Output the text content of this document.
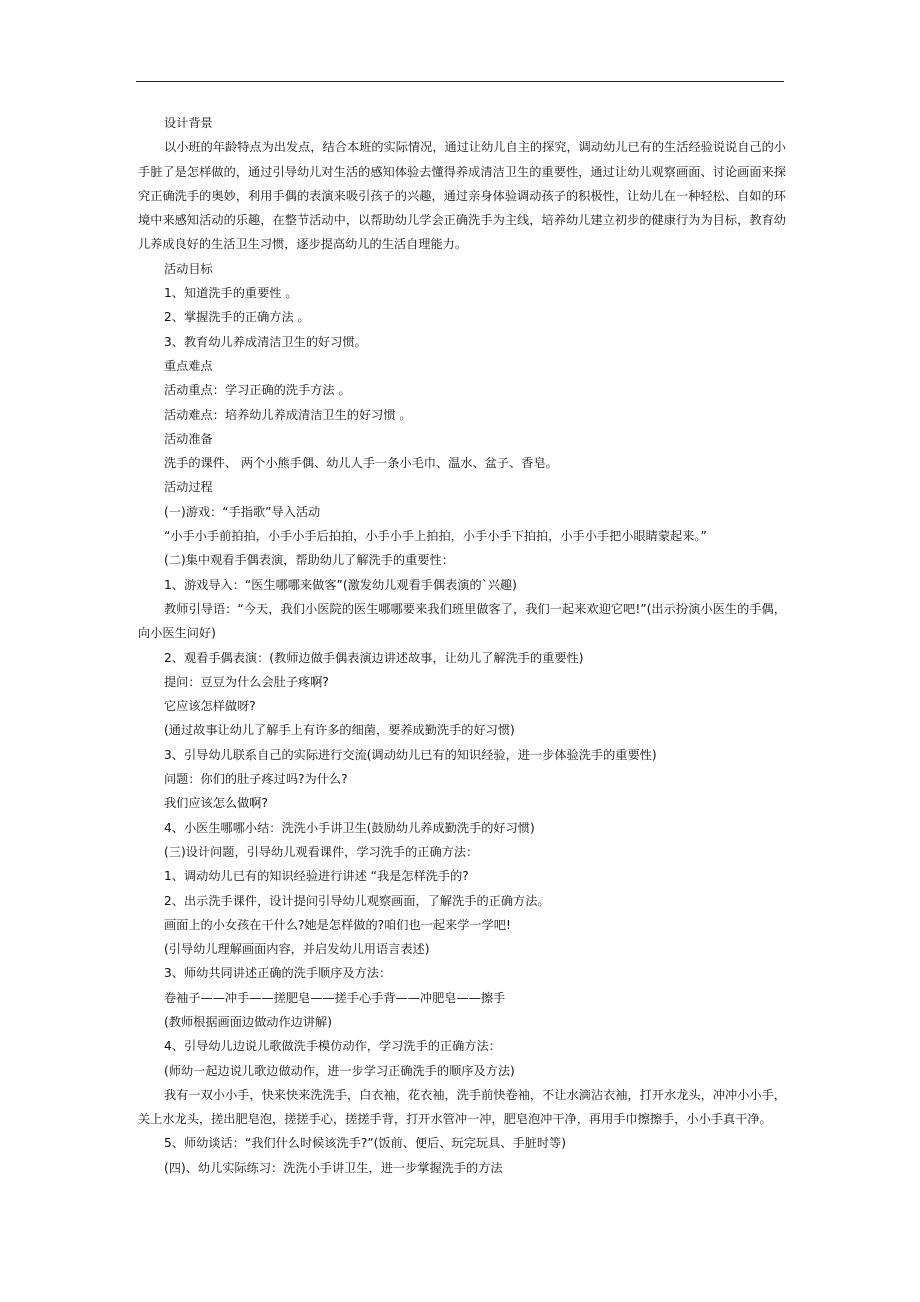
设计背景
以小班的年龄特点为出发点，结合本班的实际情况，通过让幼儿自主的探究，调动幼儿已有的生活经验说说自己的小手脏了是怎样做的，通过引导幼儿对生活的感知体验去懂得养成清洁卫生的重要性，通过让幼儿观察画面、讨论画面来探究正确洗手的奥妙，利用手偶的表演来吸引孩子的兴趣，通过亲身体验调动孩子的积极性，让幼儿在一种轻松、自如的环境中来感知活动的乐趣，在整节活动中，以帮助幼儿学会正确洗手为主线，培养幼儿建立初步的健康行为为目标，教育幼儿养成良好的生活卫生习惯，逐步提高幼儿的生活自理能力。
活动目标
1、知道洗手的重要性 。
2、掌握洗手的正确方法 。
3、教育幼儿养成清洁卫生的好习惯。
重点难点
活动重点：学习正确的洗手方法 。
活动难点：培养幼儿养成清洁卫生的好习惯 。
活动准备
洗手的课件、 两个小熊手偶、幼儿人手一条小毛巾、温水、盆子、香皂。
活动过程
(一)游戏：“手指歌”导入活动
“小手小手前拍拍，小手小手后拍拍，小手小手上拍拍，小手小手下拍拍，小手小手把小眼睛蒙起来。”
(二)集中观看手偶表演，帮助幼儿了解洗手的重要性：
1、游戏导入：“医生哪哪来做客”(激发幼儿观看手偶表演的`兴趣)
教师引导语：“今天，我们小医院的医生哪哪要来我们班里做客了，我们一起来欢迎它吧!”(出示扮演小医生的手偶，向小医生问好)
2、观看手偶表演：(教师边做手偶表演边讲述故事，让幼儿了解洗手的重要性)
提问：豆豆为什么会肚子疼啊?
它应该怎样做呀?
(通过故事让幼儿了解手上有许多的细菌，要养成勤洗手的好习惯)
3、引导幼儿联系自己的实际进行交流(调动幼儿已有的知识经验，进一步体验洗手的重要性)
问题：你们的肚子疼过吗?为什么?
我们应该怎么做啊?
4、小医生哪哪小结：洗洗小手讲卫生(鼓励幼儿养成勤洗手的好习惯)
(三)设计问题，引导幼儿观看课件，学习洗手的正确方法：
1、调动幼儿已有的知识经验进行讲述 “我是怎样洗手的?
2、出示洗手课件，设计提问引导幼儿观察画面，了解洗手的正确方法。
画面上的小女孩在干什么?她是怎样做的?咱们也一起来学一学吧!
(引导幼儿理解画面内容，并启发幼儿用语言表述)
3、师幼共同讲述正确的洗手顺序及方法：
卷袖子——冲手——搓肥皂——搓手心手背——冲肥皂——擦手
(教师根据画面边做动作边讲解)
4、引导幼儿边说儿歌做洗手模仿动作，学习洗手的正确方法：
(师幼一起边说儿歌边做动作，进一步学习正确洗手的顺序及方法)
我有一双小小手，快来快来洗洗手，白衣袖，花衣袖，洗手前快卷袖，不让水滴沾衣袖，打开水龙头，冲冲小小手，关上水龙头，搓出肥皂泡，搓搓手心，搓搓手背，打开水管冲一冲，肥皂泡冲干净，再用手巾擦擦手，小小手真干净。
5、师幼谈话：“我们什么时候该洗手?”(饭前、便后、玩完玩具、手脏时等)
(四)、幼儿实际练习：洗洗小手讲卫生，进一步掌握洗手的方法
